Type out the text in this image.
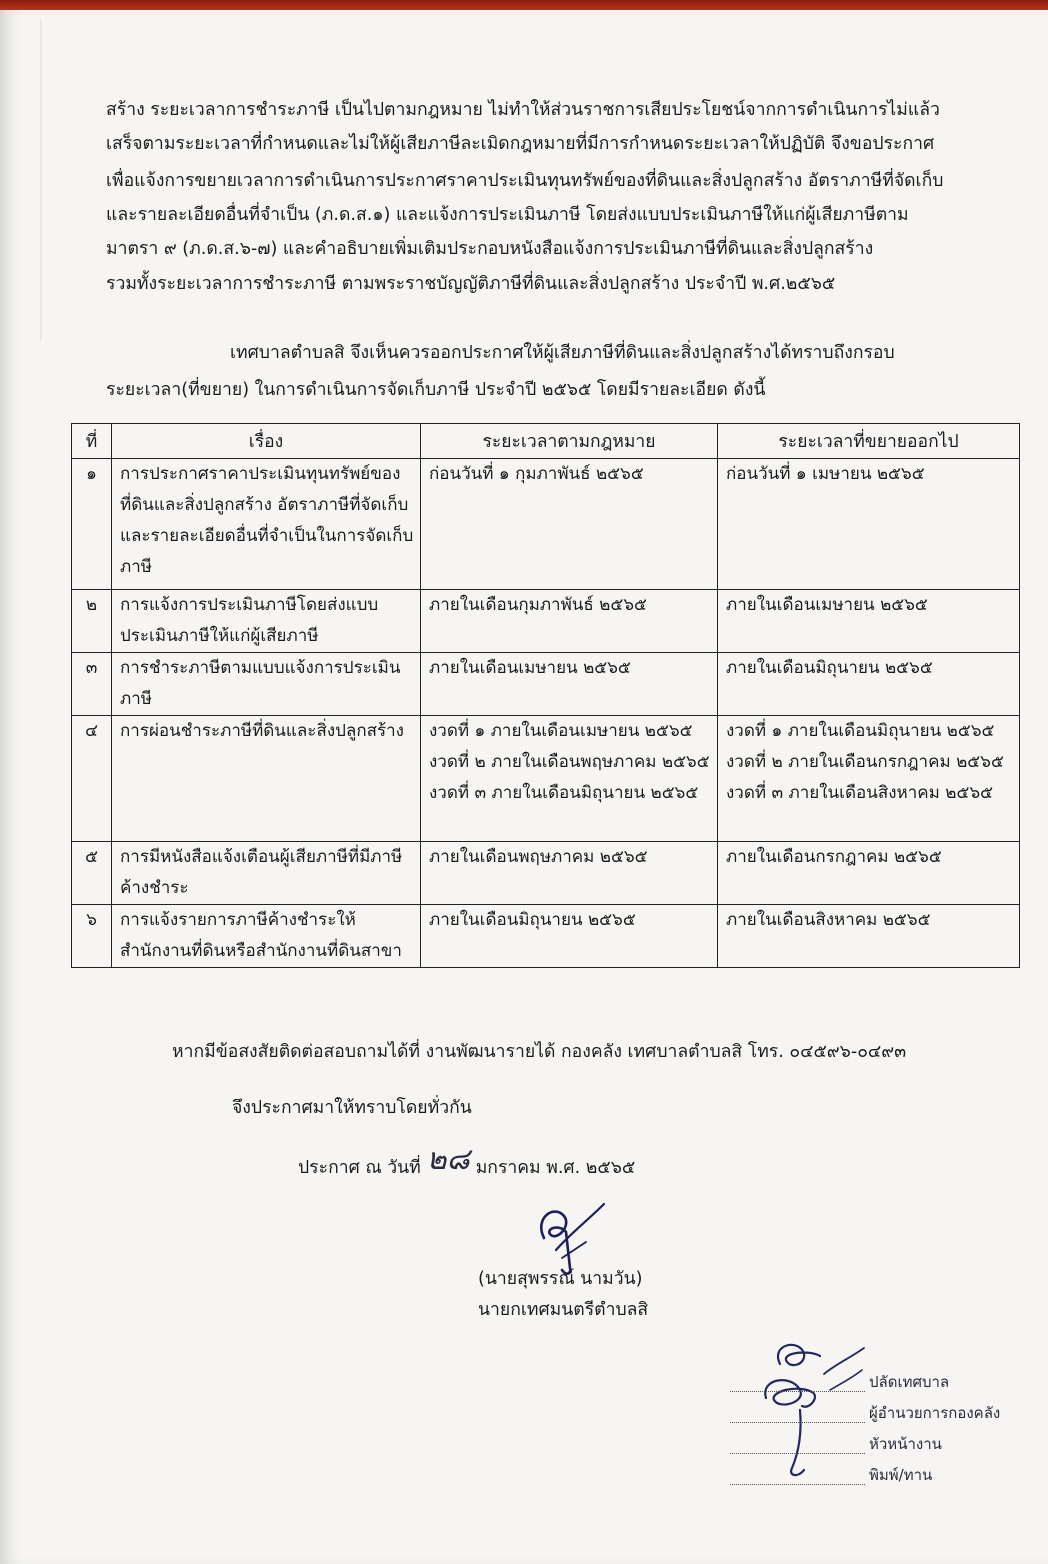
สร้าง ระยะเวลาการชำระภาษี เป็นไปตามกฎหมาย ไม่ทำให้ส่วนราชการเสียประโยชน์จากการดำเนินการไม่แล้ว
เสร็จตามระยะเวลาที่กำหนดและไม่ให้ผู้เสียภาษีละเมิดกฎหมายที่มีการกำหนดระยะเวลาให้ปฏิบัติ จึงขอประกาศ
เพื่อแจ้งการขยายเวลาการดำเนินการประกาศราคาประเมินทุนทรัพย์ของที่ดินและสิ่งปลูกสร้าง อัตราภาษีที่จัดเก็บ
และรายละเอียดอื่นที่จำเป็น (ภ.ด.ส.๑) และแจ้งการประเมินภาษี โดยส่งแบบประเมินภาษีให้แก่ผู้เสียภาษีตาม
มาตรา ๙ (ภ.ด.ส.๖-๗) และคำอธิบายเพิ่มเติมประกอบหนังสือแจ้งการประเมินภาษีที่ดินและสิ่งปลูกสร้าง
รวมทั้งระยะเวลาการชำระภาษี ตามพระราชบัญญัติภาษีที่ดินและสิ่งปลูกสร้าง ประจำปี พ.ศ.๒๕๖๕
เทศบาลตำบลสิ จึงเห็นควรออกประกาศให้ผู้เสียภาษีที่ดินและสิ่งปลูกสร้างได้ทราบถึงกรอบ
ระยะเวลา(ที่ขยาย) ในการดำเนินการจัดเก็บภาษี ประจำปี ๒๕๖๕ โดยมีรายละเอียด ดังนี้
ที่	เรื่อง	ระยะเวลาตามกฎหมาย	ระยะเวลาที่ขยายออกไป

๑	การประกาศราคาประเมินทุนทรัพย์ของ
ที่ดินและสิ่งปลูกสร้าง อัตราภาษีที่จัดเก็บ
และรายละเอียดอื่นที่จำเป็นในการจัดเก็บ
ภาษี	ก่อนวันที่ ๑ กุมภาพันธ์ ๒๕๖๕	ก่อนวันที่ ๑ เมษายน ๒๕๖๕

๒	การแจ้งการประเมินภาษีโดยส่งแบบ
ประเมินภาษีให้แก่ผู้เสียภาษี	ภายในเดือนกุมภาพันธ์ ๒๕๖๕	ภายในเดือนเมษายน ๒๕๖๕

๓	การชำระภาษีตามแบบแจ้งการประเมิน
ภาษี	ภายในเดือนเมษายน ๒๕๖๕	ภายในเดือนมิถุนายน ๒๕๖๕

๔	การผ่อนชำระภาษีที่ดินและสิ่งปลูกสร้าง	งวดที่ ๑ ภายในเดือนเมษายน ๒๕๖๕
งวดที่ ๒ ภายในเดือนพฤษภาคม ๒๕๖๕
งวดที่ ๓ ภายในเดือนมิถุนายน ๒๕๖๕	งวดที่ ๑ ภายในเดือนมิถุนายน ๒๕๖๕
งวดที่ ๒ ภายในเดือนกรกฎาคม ๒๕๖๕
งวดที่ ๓ ภายในเดือนสิงหาคม ๒๕๖๕

๕	การมีหนังสือแจ้งเตือนผู้เสียภาษีที่มีภาษี
ค้างชำระ	ภายในเดือนพฤษภาคม ๒๕๖๕	ภายในเดือนกรกฎาคม ๒๕๖๕

๖	การแจ้งรายการภาษีค้างชำระให้
สำนักงานที่ดินหรือสำนักงานที่ดินสาขา	ภายในเดือนมิถุนายน ๒๕๖๕	ภายในเดือนสิงหาคม ๒๕๖๕
หากมีข้อสงสัยติดต่อสอบถามได้ที่ งานพัฒนารายได้ กองคลัง เทศบาลตำบลสิ โทร. ๐๔๕๙๖-๐๔๙๓
จึงประกาศมาให้ทราบโดยทั่วกัน
ประกาศ ณ วันที่ ๒๘ มกราคม พ.ศ. ๒๕๖๕
(นายสุพรรณ์ นามวัน)
นายกเทศมนตรีตำบลสิ
ปลัดเทศบาล
ผู้อำนวยการกองคลัง
หัวหน้างาน
พิมพ์/ทาน
